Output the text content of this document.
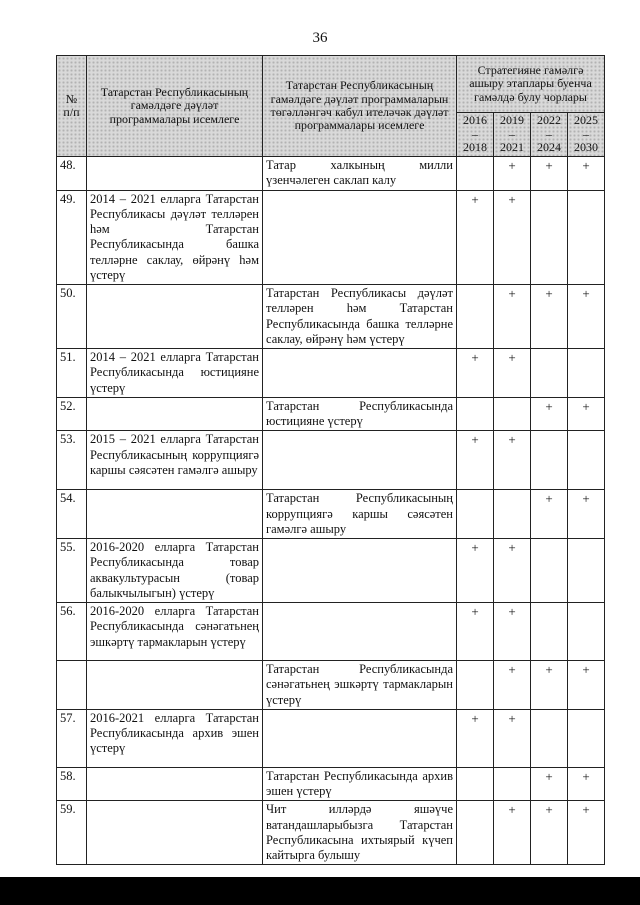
36
№ п/п	Татарстан Республикасының гамәлдәге дәүләт программалары исемлеге	Татарстан Республикасының гамәлдәге дәүләт программаларын төгәлләнгәч кабул ителәчәк дәүләт программалары исемлеге	Стратегияне гамәлгә ашыру этаплары буенча гамәлдә булу чорлары			

			2016
–
2018	2019
–
2021	2022
–
2024	2025
–
2030

48.		Татар халкының милли үзенчәлеген саклап калу		+	+	+
49.	2014 – 2021 елларга Татарстан Республикасы дәүләт телләрен һәм Татарстан Республикасында башка телләрне саклау, өйрәнү һәм үстерү		+	+		
50.		Татарстан Республикасы дәүләт телләрен һәм Татарстан Республикасында башка телләрне саклау, өйрәнү һәм үстерү		+	+	+
51.	2014 – 2021 елларга Татарстан Республикасында юстицияне үстерү		+	+		
52.		Татарстан Республикасында юстицияне үстерү			+	+
53.	2015 – 2021 елларга Татарстан Республикасының коррупциягә каршы сәясәтен гамәлгә ашыру		+	+		
54.		Татарстан Республикасының коррупциягә каршы сәясәтен гамәлгә ашыру			+	+
55.	2016-2020 елларга Татарстан Республикасында товар аквакультурасын (товар балыкчылыгын) үстерү		+	+		
56.	2016-2020 елларга Татарстан Республикасында сәнәгатьнең эшкәртү тармакларын үстерү		+	+		
		Татарстан Республикасында сәнәгатьнең эшкәртү тармакларын үстерү		+	+	+
57.	2016-2021 елларга Татарстан Республикасында архив эшен үстерү		+	+		
58.		Татарстан Республикасында архив эшен үстерү			+	+
59.		Чит илләрдә яшәүче ватандашларыбызга Татарстан Республикасына ихтыярый күчеп кайтырга булышу		+	+	+
